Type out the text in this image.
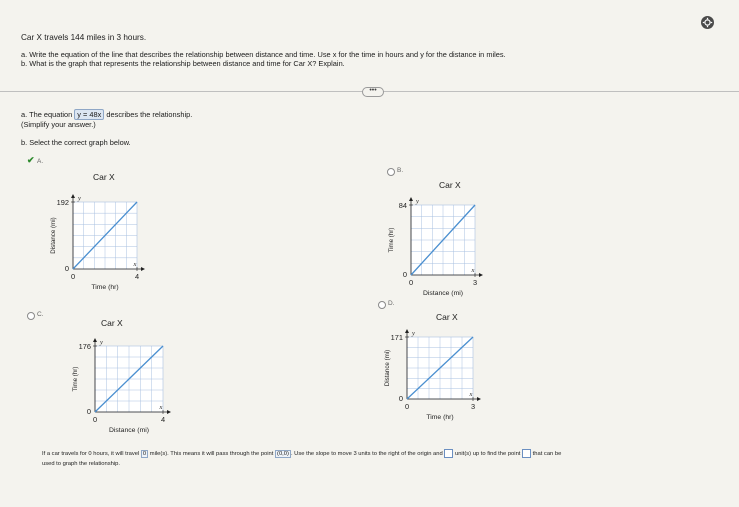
Car X travels 144 miles in 3 hours.
a. Write the equation of the line that describes the relationship between distance and time. Use x for the time in hours and y for the distance in miles.
b. What is the graph that represents the relationship between distance and time for Car X? Explain.
•••
a. The equation y = 48x describes the relationship.
(Simplify your answer.)
b. Select the correct graph below.
✔ A.
Car X
192
4
0
0
x
y
Time (hr)
Distance (mi)
B.
Car X
84
3
0
0
x
y
Distance (mi)
Time (hr)
C.
Car X
176
4
0
0
x
y
Distance (mi)
Time (hr)
D.
Car X
171
3
0
0
x
y
Time (hr)
Distance (mi)
If a car travels for 0 hours, it will travel 0 mile(s). This means it will pass through the point (0,0) . Use the slope to move 3 units to the right of the origin and unit(s) up to find the point that can be
used to graph the relationship.
